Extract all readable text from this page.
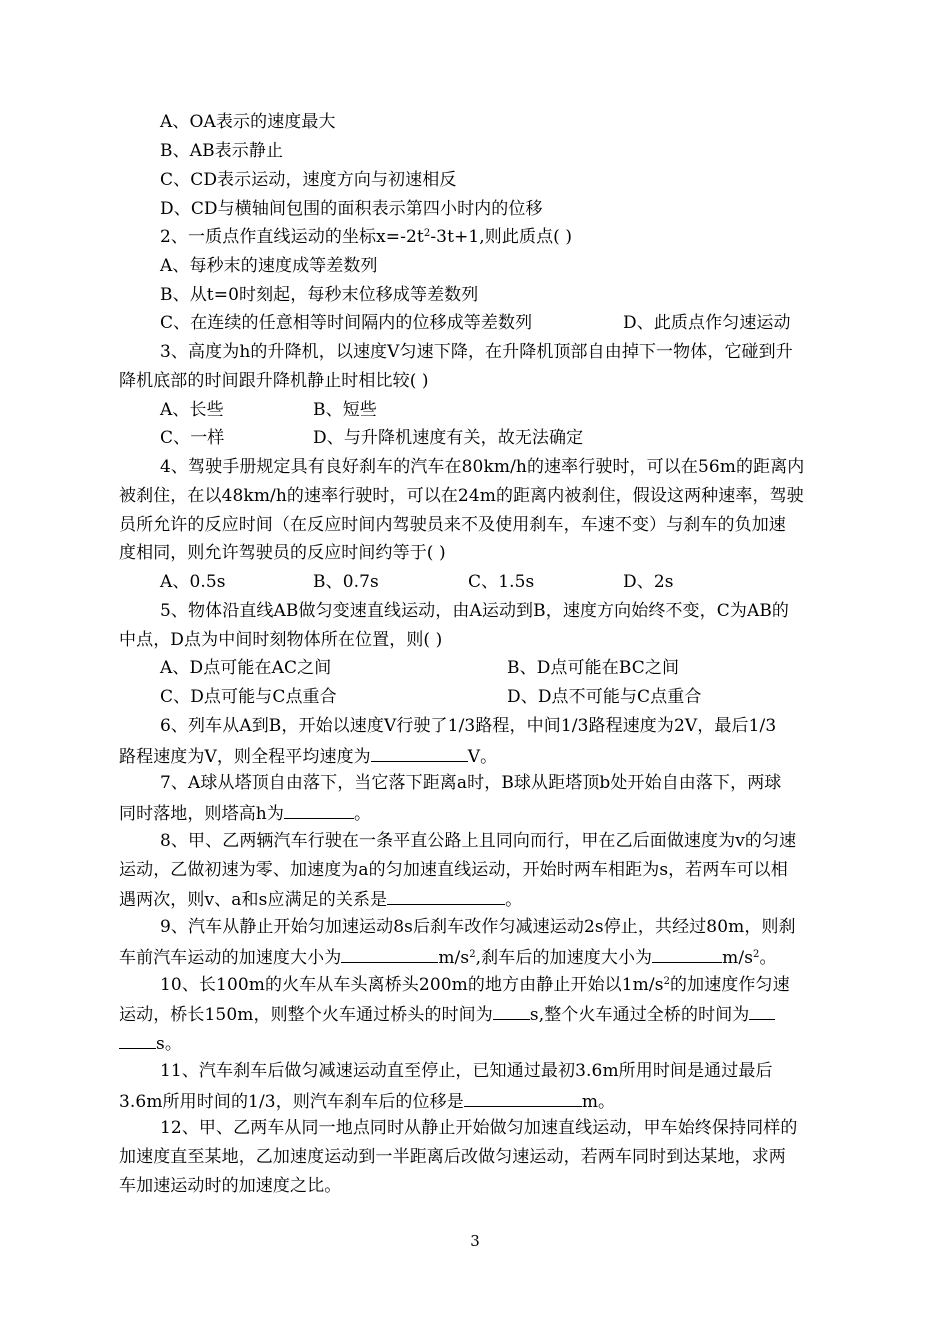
A、OA表示的速度最大
B、AB表示静止
C、CD表示运动，速度方向与初速相反
D、CD与横轴间包围的面积表示第四小时内的位移
2、一质点作直线运动的坐标$x=-2t^2-3t+1$,则此质点( )
A、每秒末的速度成等差数列
B、从t=0时刻起，每秒末位移成等差数列
C、在连续的任意相等时间隔内的位移成等差数列	D、此质点作匀速运动
3、高度为h的升降机，以速度V匀速下降，在升降机顶部自由掉下一物体，它碰到升
降机底部的时间跟升降机静止时相比较( )
A、长些	B、短些
C、一样	D、与升降机速度有关，故无法确定
4、驾驶手册规定具有良好刹车的汽车在80km/h的速率行驶时，可以在56m的距离内
被刹住，在以48km/h的速率行驶时，可以在24m的距离内被刹住，假设这两种速率，驾驶
员所允许的反应时间（在反应时间内驾驶员来不及使用刹车，车速不变）与刹车的负加速
度相同，则允许驾驶员的反应时间约等于( )
A、0.5s	B、0.7s	C、1.5s	D、2s
5、物体沿直线AB做匀变速直线运动，由A运动到B，速度方向始终不变，C为AB的
中点，D点为中间时刻物体所在位置，则( )
A、D点可能在AC之间	B、D点可能在BC之间
C、D点可能与C点重合	D、D点不可能与C点重合
6、列车从A到B，开始以速度V行驶了1/3路程，中间1/3路程速度为2V，最后1/3
路程速度为V，则全程平均速度为	V。
7、A球从塔顶自由落下，当它落下距离a时，B球从距塔顶b处开始自由落下，两球
同时落地，则塔高h为	。
8、甲、乙两辆汽车行驶在一条平直公路上且同向而行，甲在乙后面做速度为v的匀速
运动，乙做初速为零、加速度为a的匀加速直线运动，开始时两车相距为s，若两车可以相
遇两次，则v、a和s应满足的关系是	。
9、汽车从静止开始匀加速运动8s后刹车改作匀减速运动2s停止，共经过80m，则刹
车前汽车运动的加速度大小为	$m/s^2$,刹车后的加速度大小为	$m/s^2$。
10、长100m的火车从车头离桥头200m的地方由静止开始以$1m/s^2$的加速度作匀速
运动，桥长150m，则整个火车通过桥头的时间为 s,整个火车通过全桥的时间为
s。
11、汽车刹车后做匀减速运动直至停止，已知通过最初3.6m所用时间是通过最后
3.6m所用时间的1/3，则汽车刹车后的位移是	m。
12、甲、乙两车从同一地点同时从静止开始做匀加速直线运动，甲车始终保持同样的
加速度直至某地，乙加速度运动到一半距离后改做匀速运动，若两车同时到达某地，求两
车加速运动时的加速度之比。
3
